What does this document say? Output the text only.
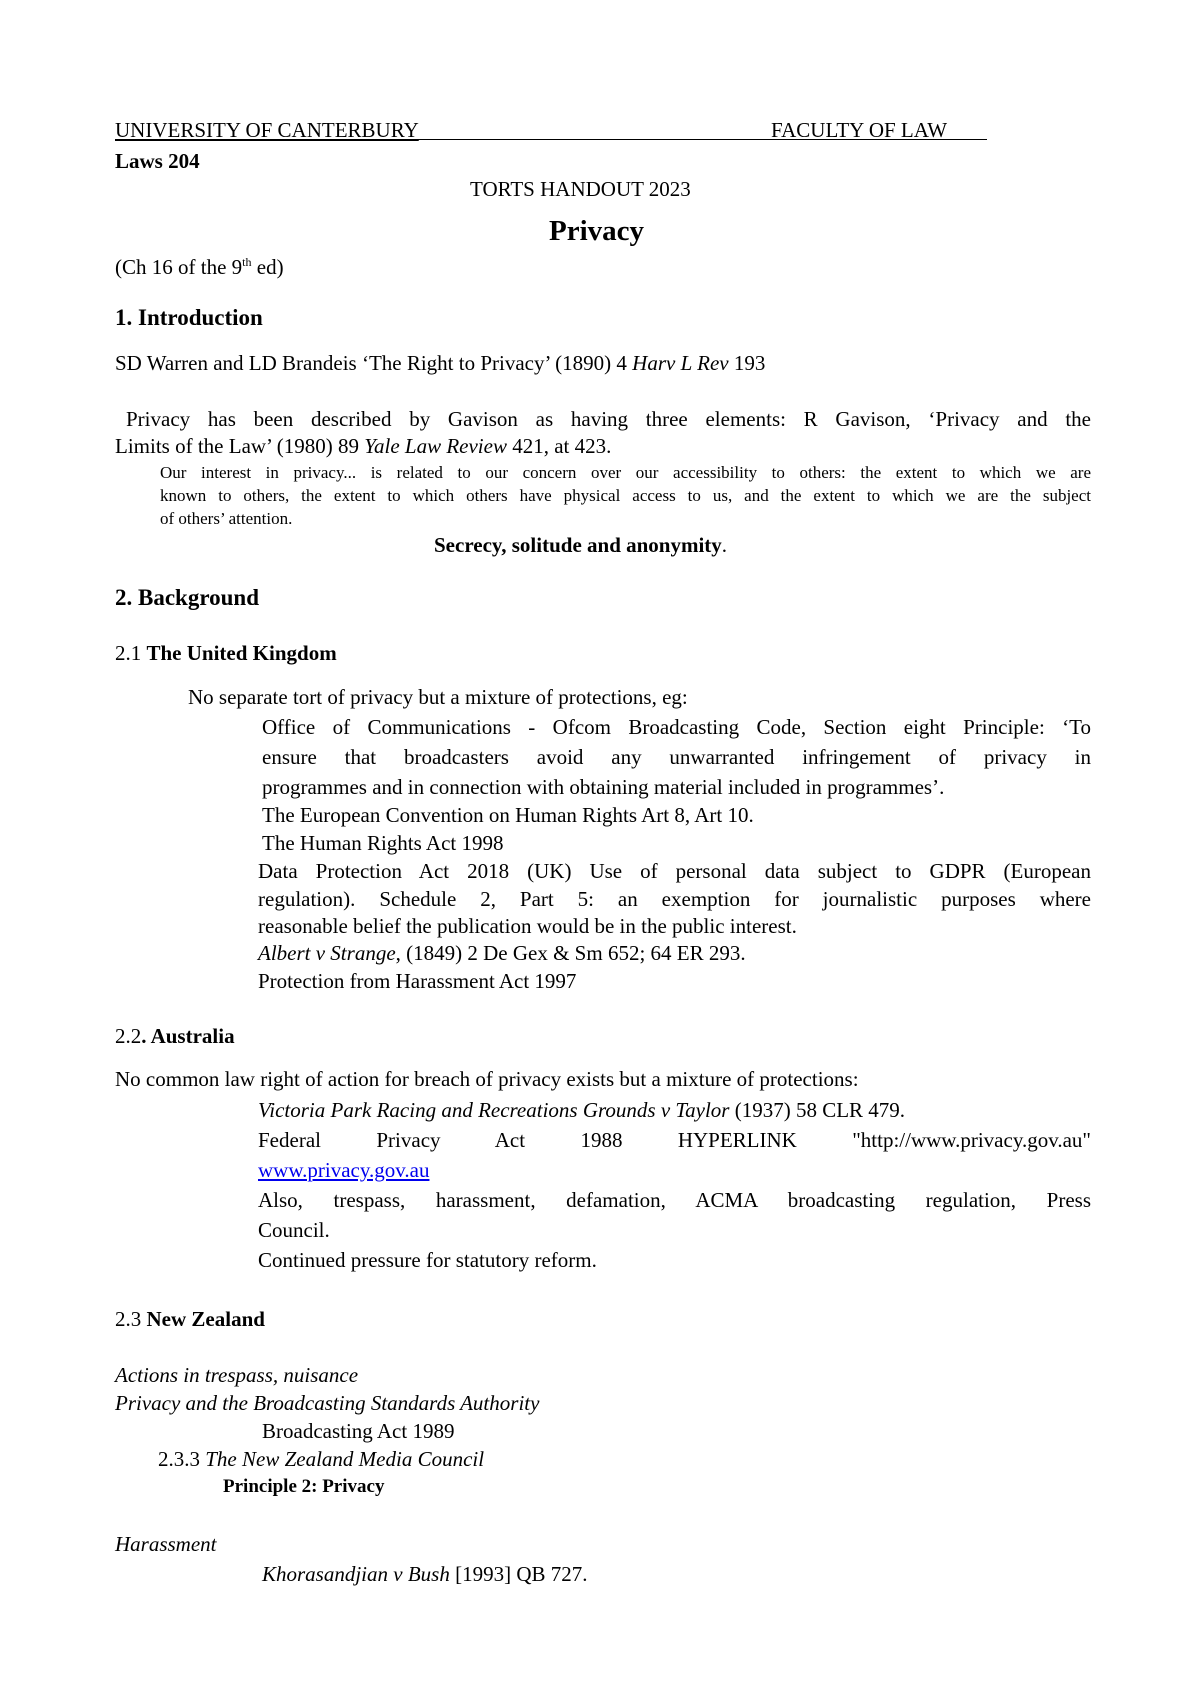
UNIVERSITY OF CANTERBURY	FACULTY OF LAW
Laws 204
TORTS HANDOUT 2023
Privacy
(Ch 16 of the 9th ed)
1. Introduction
SD Warren and LD Brandeis ‘The Right to Privacy’ (1890) 4 Harv L Rev 193
Privacy has been described by Gavison as having three elements: R Gavison, ‘Privacy and the
Limits of the Law’ (1980) 89 Yale Law Review 421, at 423.
Our interest in privacy... is related to our concern over our accessibility to others: the extent to which we are
known to others, the extent to which others have physical access to us, and the extent to which we are the subject
of others’ attention.
Secrecy, solitude and anonymity.
2. Background
2.1 The United Kingdom
No separate tort of privacy but a mixture of protections, eg:
Office of Communications - Ofcom Broadcasting Code, Section eight Principle: ‘To
ensure that broadcasters avoid any unwarranted infringement of privacy in
programmes and in connection with obtaining material included in programmes’.
The European Convention on Human Rights Art 8, Art 10.
The Human Rights Act 1998
Data Protection Act 2018 (UK) Use of personal data subject to GDPR (European
regulation). Schedule 2, Part 5: an exemption for journalistic purposes where
reasonable belief the publication would be in the public interest.
Albert v Strange, (1849) 2 De Gex & Sm 652; 64 ER 293.
Protection from Harassment Act 1997
2.2. Australia
No common law right of action for breach of privacy exists but a mixture of protections:
Victoria Park Racing and Recreations Grounds v Taylor (1937) 58 CLR 479.
Federal Privacy Act 1988 HYPERLINK "http://www.privacy.gov.au"
www.privacy.gov.au
Also, trespass, harassment, defamation, ACMA broadcasting regulation, Press
Council.
Continued pressure for statutory reform.
2.3 New Zealand
Actions in trespass, nuisance
Privacy and the Broadcasting Standards Authority
Broadcasting Act 1989
2.3.3 The New Zealand Media Council
Principle 2: Privacy
Harassment
Khorasandjian v Bush [1993] QB 727.
